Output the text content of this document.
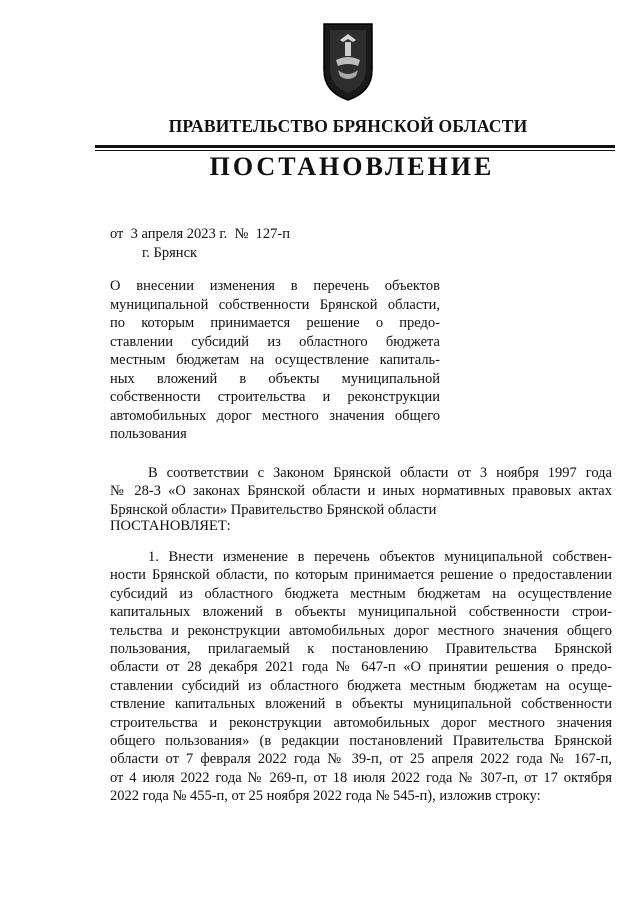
ПРАВИТЕЛЬСТВО БРЯНСКОЙ ОБЛАСТИ
ПОСТАНОВЛЕНИЕ
от  3 апреля 2023 г.  №  127-п
г. Брянск
О внесении изменения в перечень объектов
муниципальной собственности Брянской области,
по которым принимается решение о предо-
ставлении субсидий из областного бюджета
местным бюджетам на осуществление капиталь-
ных вложений в объекты муниципальной
собственности строительства и реконструкции
автомобильных дорог местного значения общего
пользования
В соответствии с Законом Брянской области от 3 ноября 1997 года
№ 28-З «О законах Брянской области и иных нормативных правовых актах
Брянской области» Правительство Брянской области
ПОСТАНОВЛЯЕТ:
1. Внести изменение в перечень объектов муниципальной собствен-
ности Брянской области, по которым принимается решение о предоставлении
субсидий из областного бюджета местным бюджетам на осуществление
капитальных вложений в объекты муниципальной собственности строи-
тельства и реконструкции автомобильных дорог местного значения общего
пользования, прилагаемый к постановлению Правительства Брянской
области от 28 декабря 2021 года № 647-п «О принятии решения о предо-
ставлении субсидий из областного бюджета местным бюджетам на осуще-
ствление капитальных вложений в объекты муниципальной собственности
строительства и реконструкции автомобильных дорог местного значения
общего пользования» (в редакции постановлений Правительства Брянской
области от 7 февраля 2022 года № 39-п, от 25 апреля 2022 года № 167-п,
от 4 июля 2022 года № 269-п, от 18 июля 2022 года № 307-п, от 17 октября
2022 года № 455-п, от 25 ноября 2022 года № 545-п), изложив строку:
